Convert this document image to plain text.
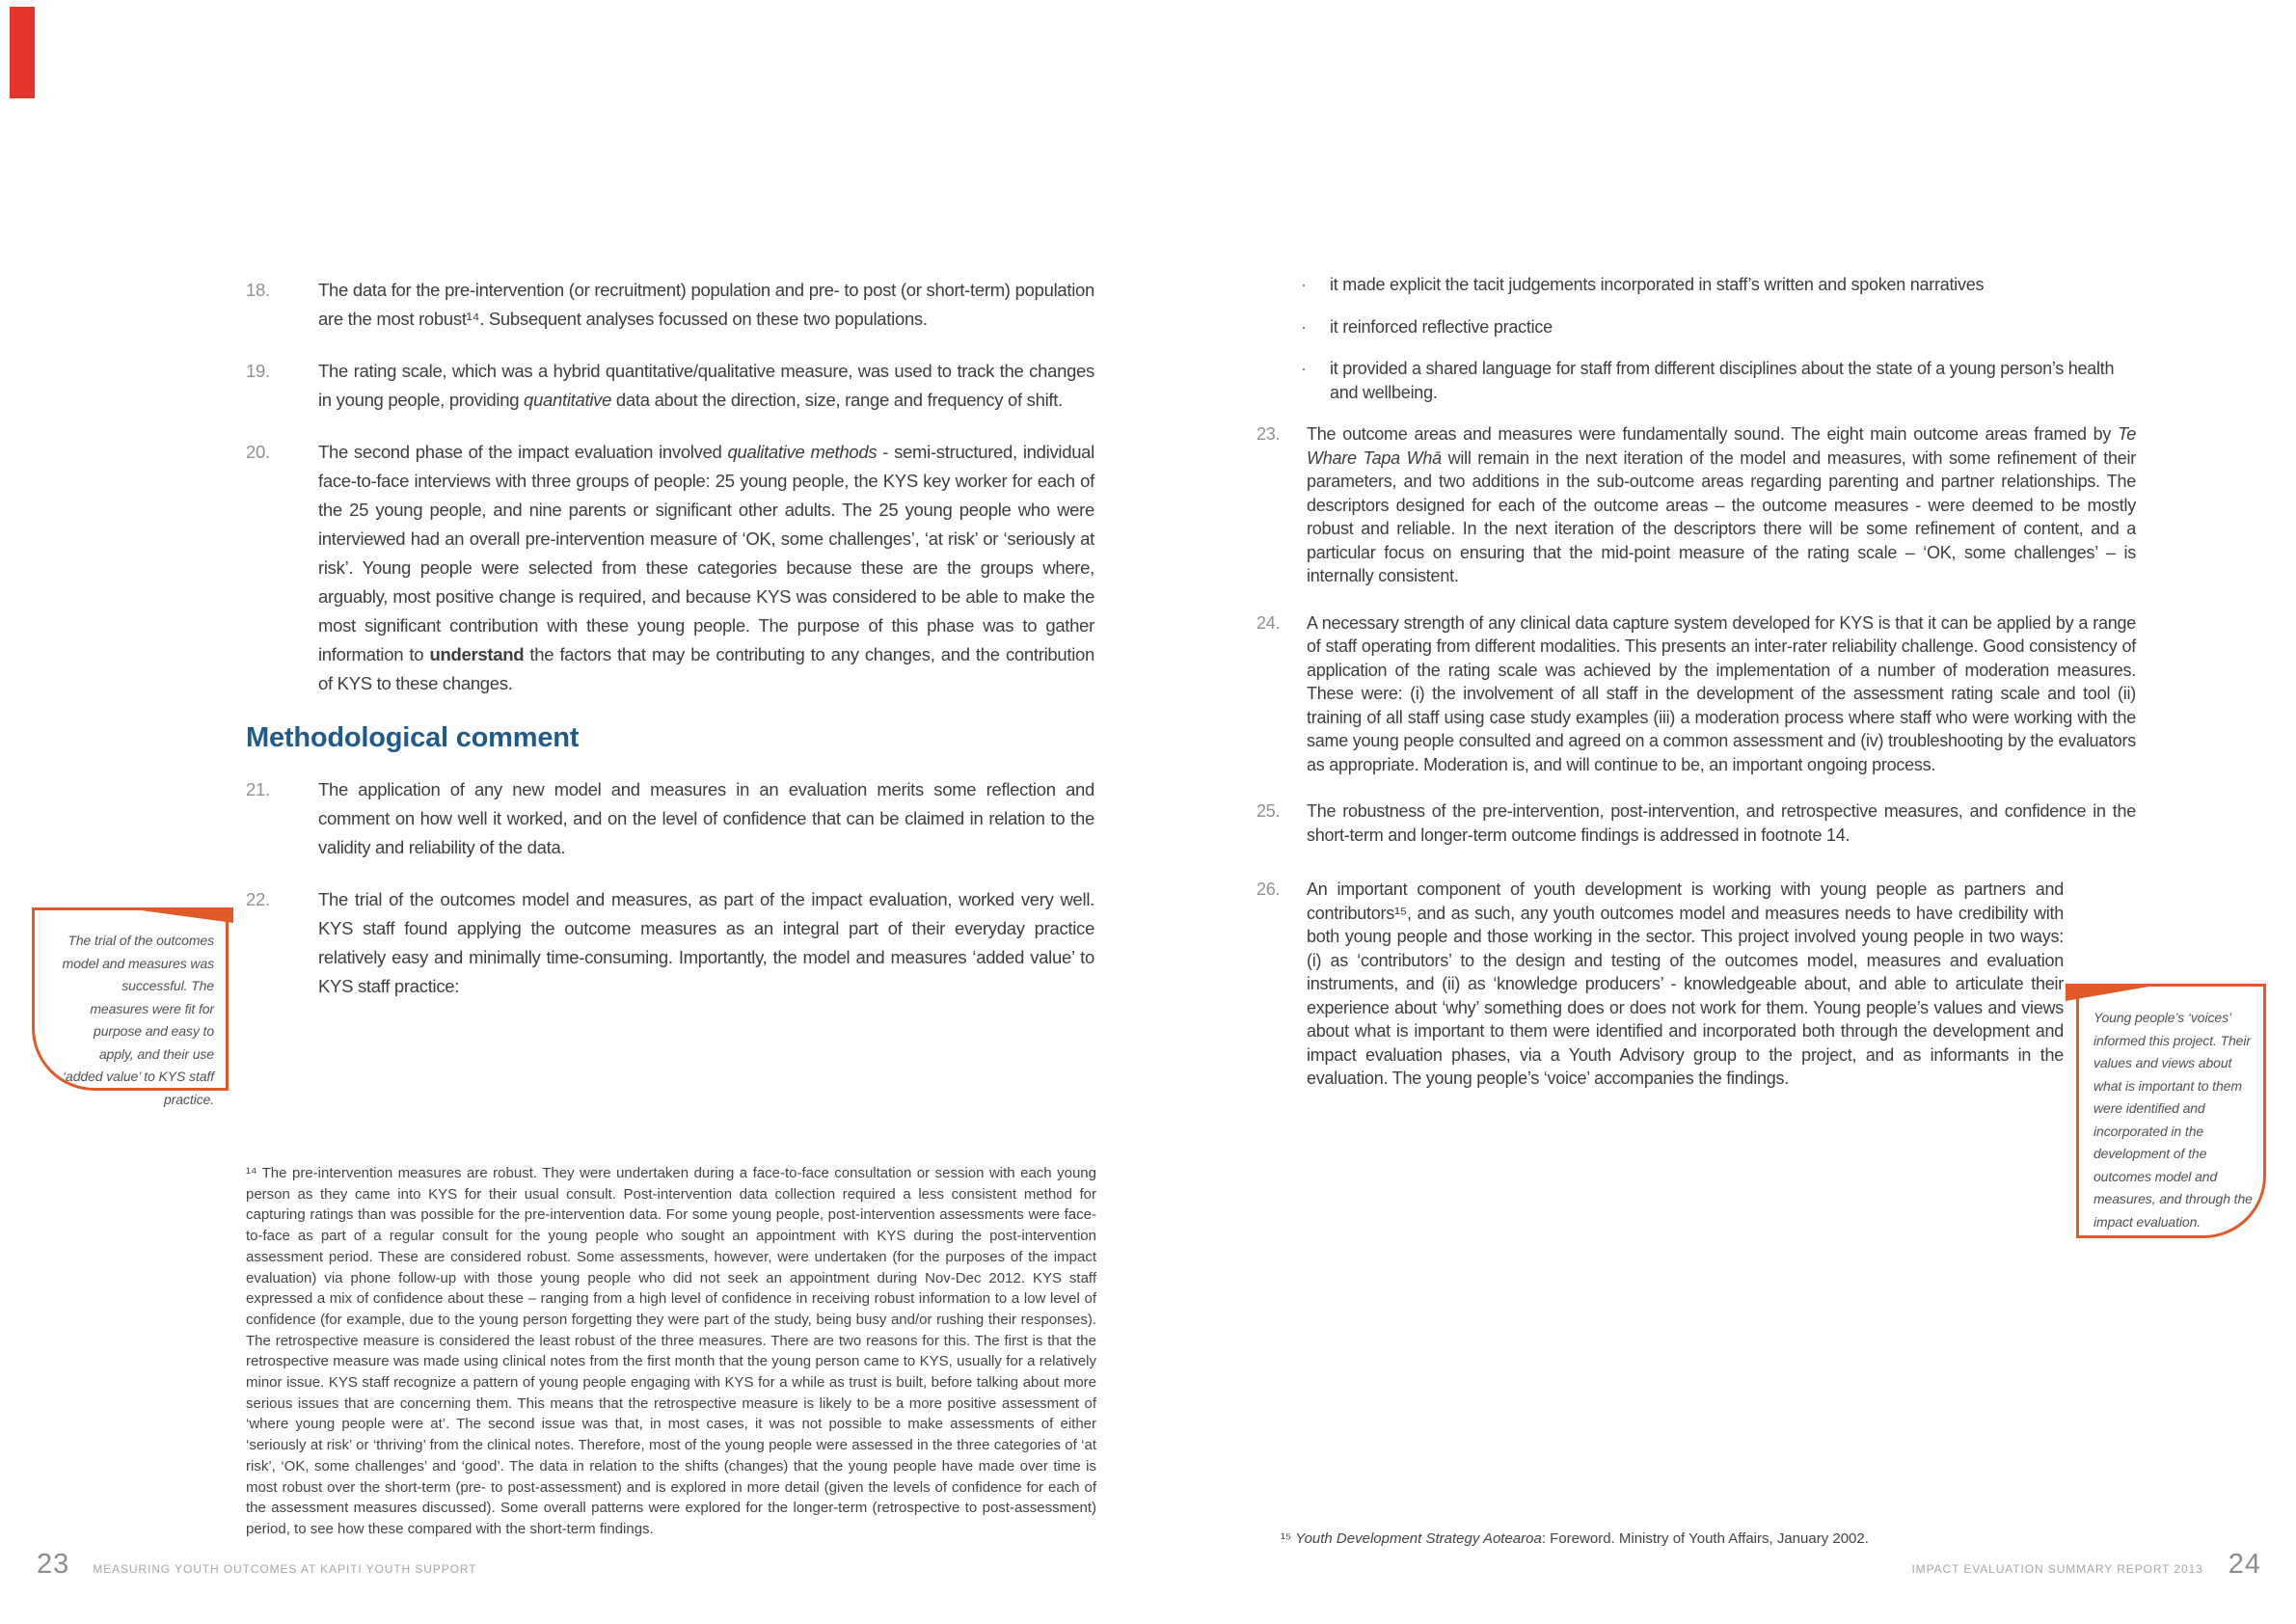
18.	The data for the pre-intervention (or recruitment) population and pre- to post (or short-term) population are the most robust¹⁴. Subsequent analyses focussed on these two populations.
19.	The rating scale, which was a hybrid quantitative/qualitative measure, was used to track the changes in young people, providing quantitative data about the direction, size, range and frequency of shift.
20.	The second phase of the impact evaluation involved qualitative methods - semi-structured, individual face-to-face interviews with three groups of people: 25 young people, the KYS key worker for each of the 25 young people, and nine parents or significant other adults. The 25 young people who were interviewed had an overall pre-intervention measure of ‘OK, some challenges’, ‘at risk’ or ‘seriously at risk’. Young people were selected from these categories because these are the groups where, arguably, most positive change is required, and because KYS was considered to be able to make the most significant contribution with these young people. The purpose of this phase was to gather information to understand the factors that may be contributing to any changes, and the contribution of KYS to these changes.
Methodological comment
21.	The application of any new model and measures in an evaluation merits some reflection and comment on how well it worked, and on the level of confidence that can be claimed in relation to the validity and reliability of the data.
22.	The trial of the outcomes model and measures, as part of the impact evaluation, worked very well. KYS staff found applying the outcome measures as an integral part of their everyday practice relatively easy and minimally time-consuming. Importantly, the model and measures ‘added value’ to KYS staff practice:

The trial of the outcomes model and measures was successful. The measures were fit for purpose and easy to apply, and their use ‘added value’ to KYS staff practice.

¹⁴ The pre-intervention measures are robust. They were undertaken during a face-to-face consultation or session with each young person as they came into KYS for their usual consult. Post-intervention data collection required a less consistent method for capturing ratings than was possible for the pre-intervention data. For some young people, post-intervention assessments were face-to-face as part of a regular consult for the young people who sought an appointment with KYS during the post-intervention assessment period. These are considered robust. Some assessments, however, were undertaken (for the purposes of the impact evaluation) via phone follow-up with those young people who did not seek an appointment during Nov-Dec 2012. KYS staff expressed a mix of confidence about these – ranging from a high level of confidence in receiving robust information to a low level of confidence (for example, due to the young person forgetting they were part of the study, being busy and/or rushing their responses). The retrospective measure is considered the least robust of the three measures. There are two reasons for this. The first is that the retrospective measure was made using clinical notes from the first month that the young person came to KYS, usually for a relatively minor issue. KYS staff recognize a pattern of young people engaging with KYS for a while as trust is built, before talking about more serious issues that are concerning them. This means that the retrospective measure is likely to be a more positive assessment of ‘where young people were at’. The second issue was that, in most cases, it was not possible to make assessments of either ‘seriously at risk’ or ‘thriving’ from the clinical notes. Therefore, most of the young people were assessed in the three categories of ‘at risk’, ‘OK, some challenges’ and ‘good’. The data in relation to the shifts (changes) that the young people have made over time is most robust over the short-term (pre- to post-assessment) and is explored in more detail (given the levels of confidence for each of the assessment measures discussed). Some overall patterns were explored for the longer-term (retrospective to post-assessment) period, to see how these compared with the short-term findings.
23 MEASURING YOUTH OUTCOMES AT KAPITI YOUTH SUPPORT
·	it made explicit the tacit judgements incorporated in staff’s written and spoken narratives
·	it reinforced reflective practice
·	it provided a shared language for staff from different disciplines about the state of a young person’s health and wellbeing.
23.	The outcome areas and measures were fundamentally sound. The eight main outcome areas framed by Te Whare Tapa Whā will remain in the next iteration of the model and measures, with some refinement of their parameters, and two additions in the sub-outcome areas regarding parenting and partner relationships. The descriptors designed for each of the outcome areas – the outcome measures - were deemed to be mostly robust and reliable. In the next iteration of the descriptors there will be some refinement of content, and a particular focus on ensuring that the mid-point measure of the rating scale – ‘OK, some challenges’ – is internally consistent.
24.	A necessary strength of any clinical data capture system developed for KYS is that it can be applied by a range of staff operating from different modalities. This presents an inter-rater reliability challenge. Good consistency of application of the rating scale was achieved by the implementation of a number of moderation measures. These were: (i) the involvement of all staff in the development of the assessment rating scale and tool (ii) training of all staff using case study examples (iii) a moderation process where staff who were working with the same young people consulted and agreed on a common assessment and (iv) troubleshooting by the evaluators as appropriate. Moderation is, and will continue to be, an important ongoing process.
25.	The robustness of the pre-intervention, post-intervention, and retrospective measures, and confidence in the short-term and longer-term outcome findings is addressed in footnote 14.
26.	An important component of youth development is working with young people as partners and contributors¹⁵, and as such, any youth outcomes model and measures needs to have credibility with both young people and those working in the sector. This project involved young people in two ways: (i) as ‘contributors’ to the design and testing of the outcomes model, measures and evaluation instruments, and (ii) as ‘knowledge producers’ - knowledgeable about, and able to articulate their experience about ‘why’ something does or does not work for them. Young people’s values and views about what is important to them were identified and incorporated both through the development and impact evaluation phases, via a Youth Advisory group to the project, and as informants in the evaluation. The young people’s ‘voice’ accompanies the findings.

Young people’s ‘voices’ informed this project. Their values and views about what is important to them were identified and incorporated in the development of the outcomes model and measures, and through the impact evaluation.

¹⁵ Youth Development Strategy Aotearoa: Foreword. Ministry of Youth Affairs, January 2002.
IMPACT EVALUATION SUMMARY REPORT 2013 24
